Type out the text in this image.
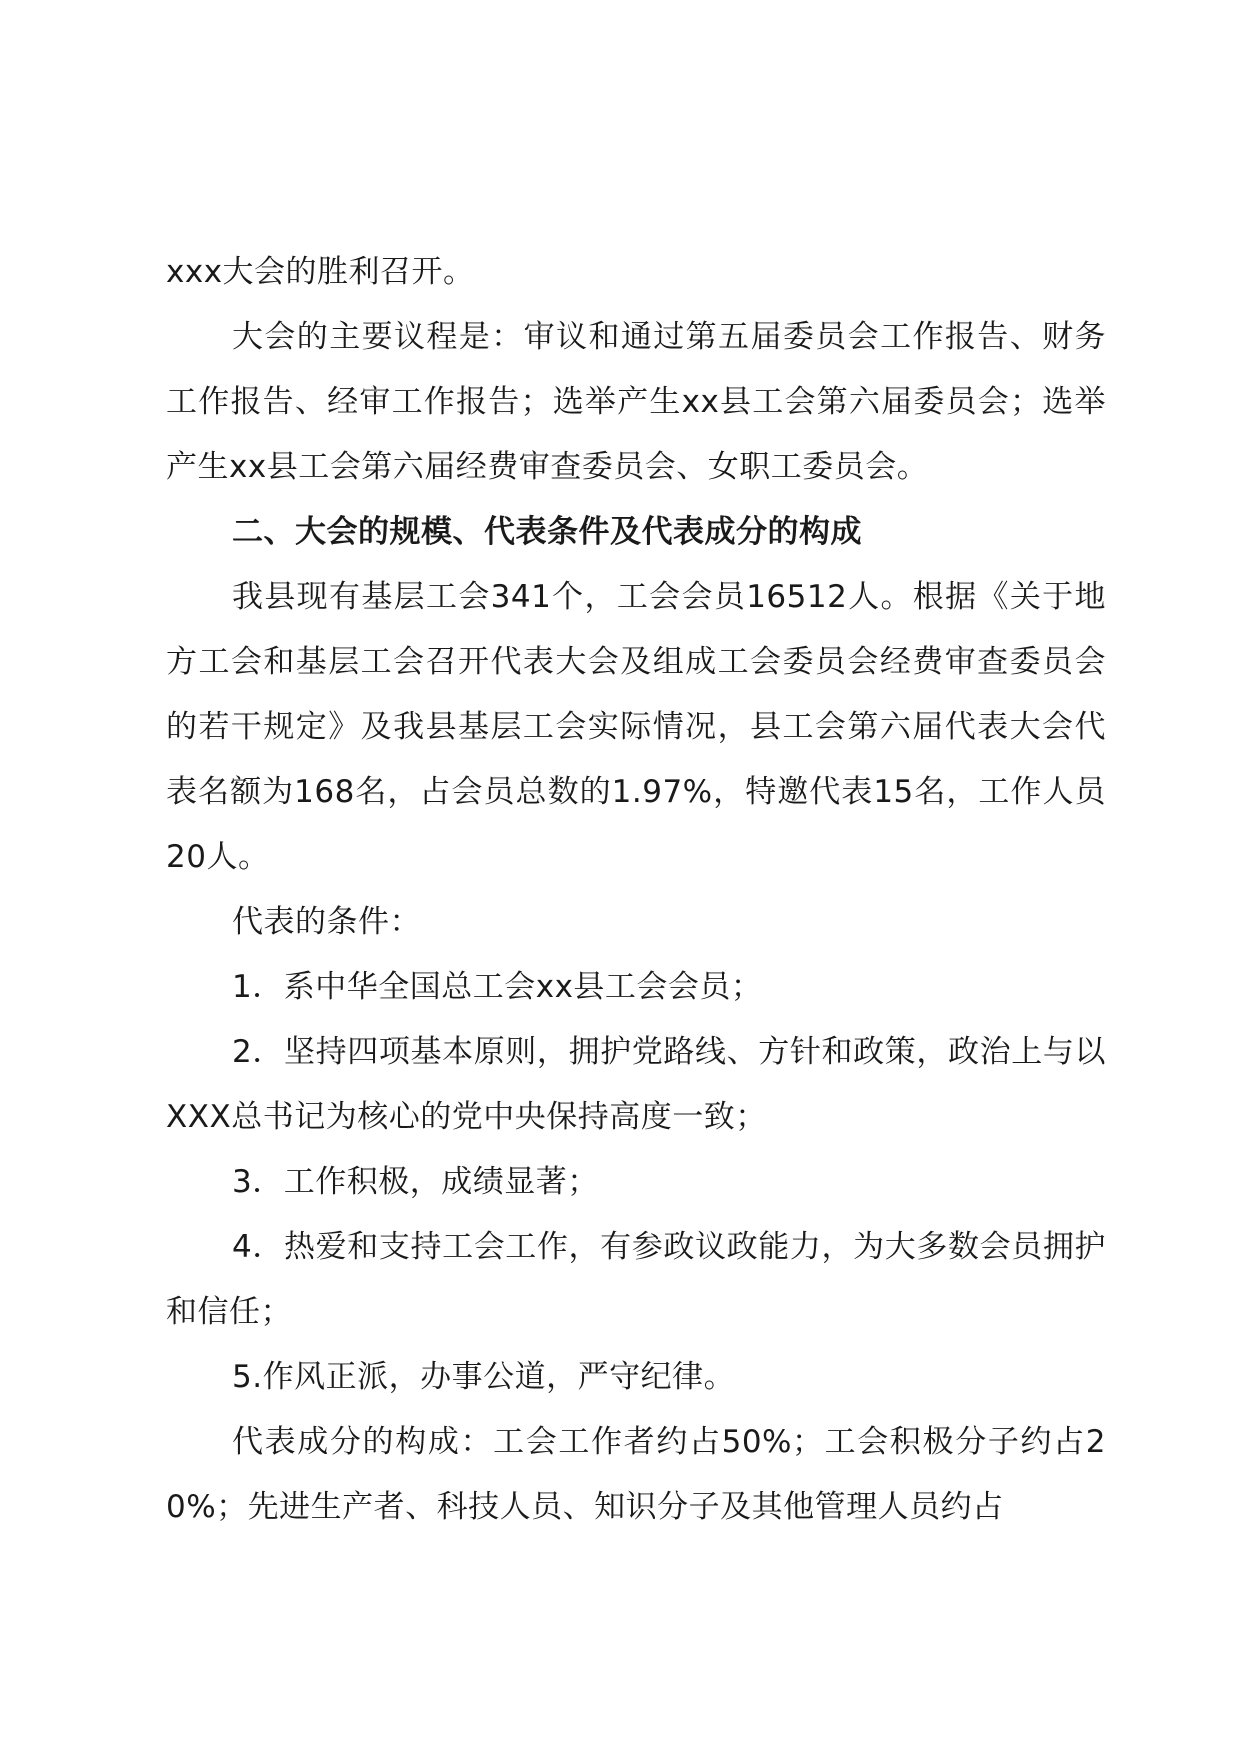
xxx大会的胜利召开。

大会的主要议程是：审议和通过第五届委员会工作报告、财务工作报告、经审工作报告；选举产生xx县工会第六届委员会；选举产生xx县工会第六届经费审查委员会、女职工委员会。

二、大会的规模、代表条件及代表成分的构成

我县现有基层工会341个，工会会员16512人。根据《关于地方工会和基层工会召开代表大会及组成工会委员会经费审查委员会的若干规定》及我县基层工会实际情况，县工会第六届代表大会代表名额为168名，占会员总数的1.97%，特邀代表15名，工作人员20人。

代表的条件：

1．系中华全国总工会xx县工会会员；

2．坚持四项基本原则，拥护党路线、方针和政策，政治上与以XXX总书记为核心的党中央保持高度一致；

3．工作积极，成绩显著；

4．热爱和支持工会工作，有参政议政能力，为大多数会员拥护和信任；

5.作风正派，办事公道，严守纪律。

代表成分的构成：工会工作者约占50%；工会积极分子约占20%；先进生产者、科技人员、知识分子及其他管理人员约占
